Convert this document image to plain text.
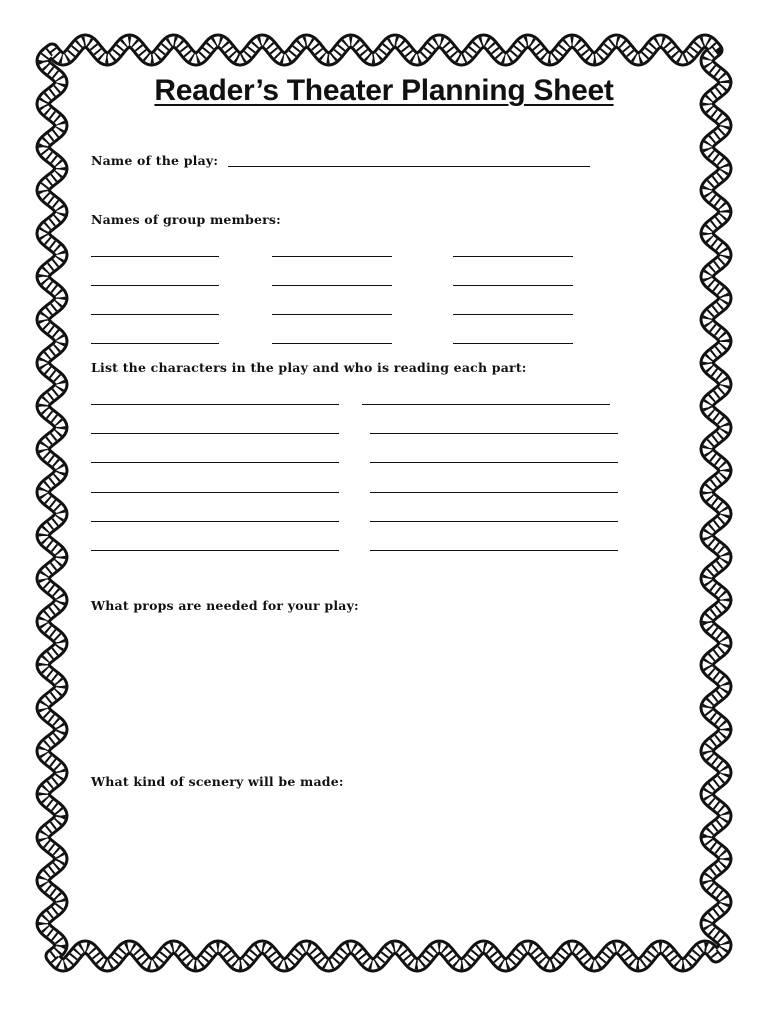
Reader’s Theater Planning Sheet
Name of the play:
Names of group members:
List the characters in the play and who is reading each part:
What props are needed for your play:
What kind of scenery will be made:
